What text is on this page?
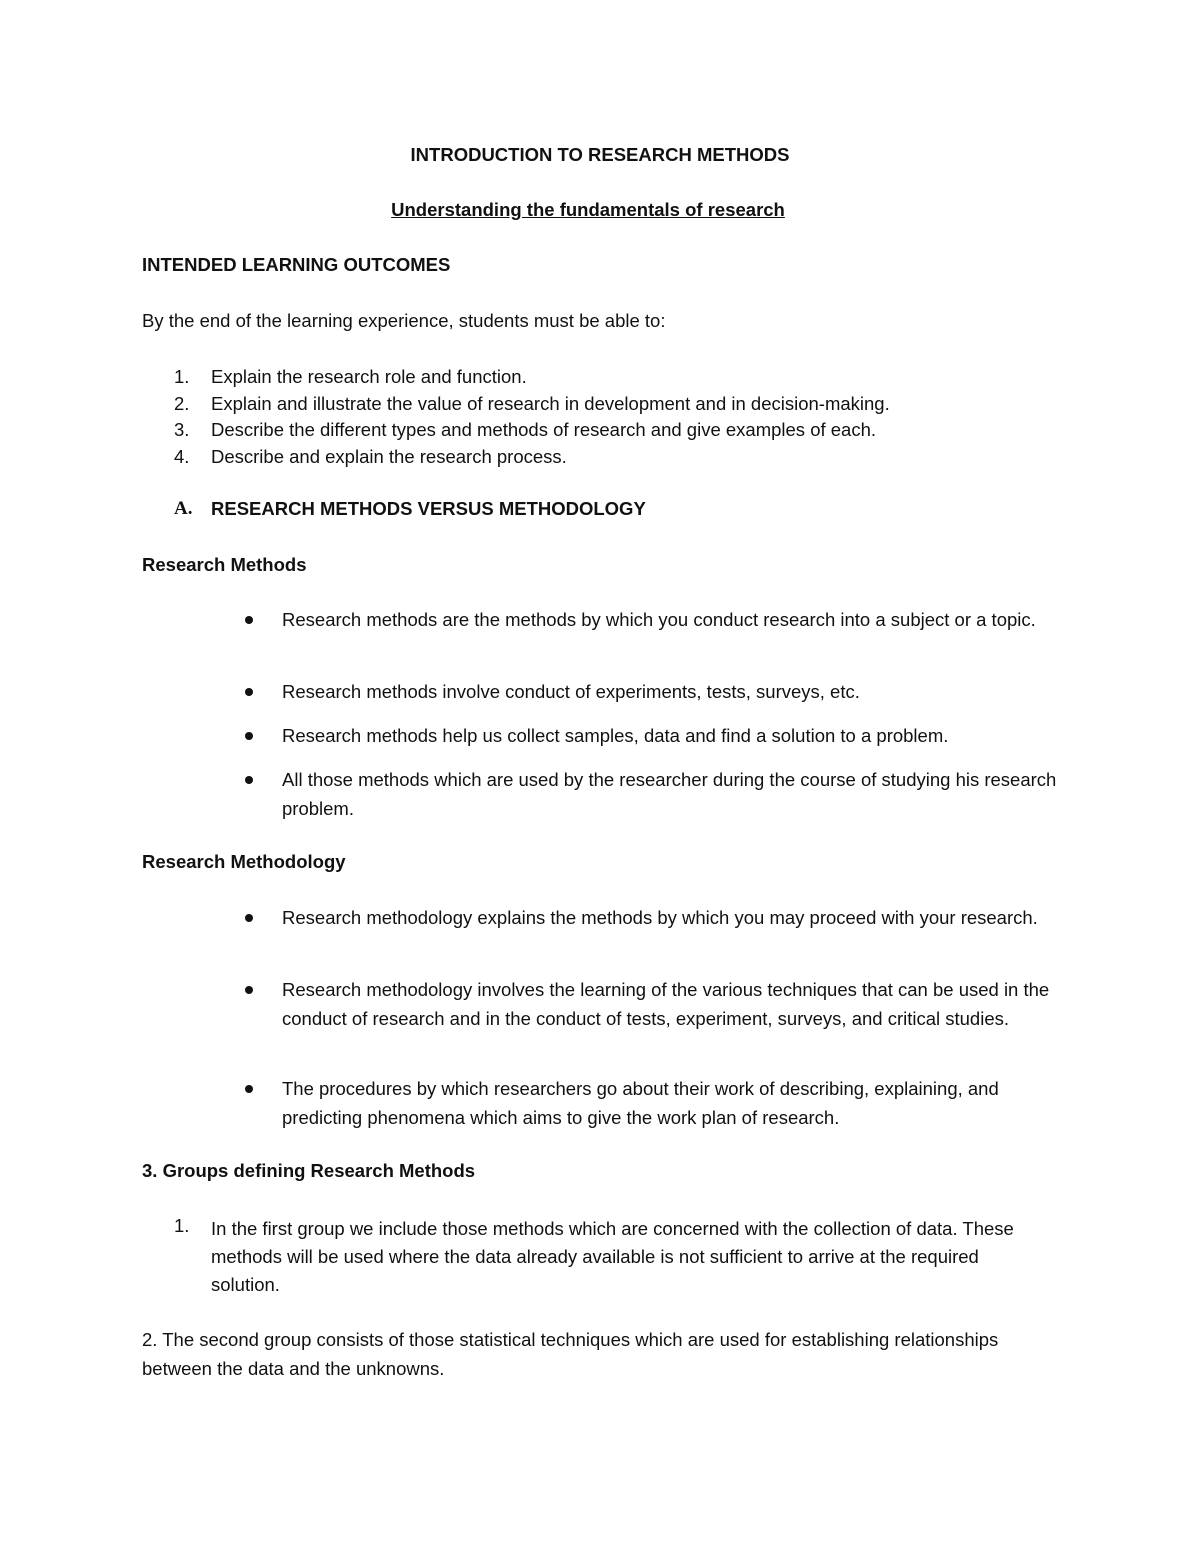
INTRODUCTION TO RESEARCH METHODS
Understanding the fundamentals of research
INTENDED LEARNING OUTCOMES
By the end of the learning experience, students must be able to:
1. Explain the research role and function.
2. Explain and illustrate the value of research in development and in decision-making.
3. Describe the different types and methods of research and give examples of each.
4. Describe and explain the research process.
A. RESEARCH METHODS VERSUS METHODOLOGY
Research Methods
Research methods are the methods by which you conduct research into a subject or a topic.
Research methods involve conduct of experiments, tests, surveys, etc.
Research methods help us collect samples, data and find a solution to a problem.
All those methods which are used by the researcher during the course of studying his research problem.
Research Methodology
Research methodology explains the methods by which you may proceed with your research.
Research methodology involves the learning of the various techniques that can be used in the conduct of research and in the conduct of tests, experiment, surveys, and critical studies.
The procedures by which researchers go about their work of describing, explaining, and predicting phenomena which aims to give the work plan of research.
3. Groups defining Research Methods
1. In the first group we include those methods which are concerned with the collection of data. These methods will be used where the data already available is not sufficient to arrive at the required solution.
2. The second group consists of those statistical techniques which are used for establishing relationships between the data and the unknowns.
